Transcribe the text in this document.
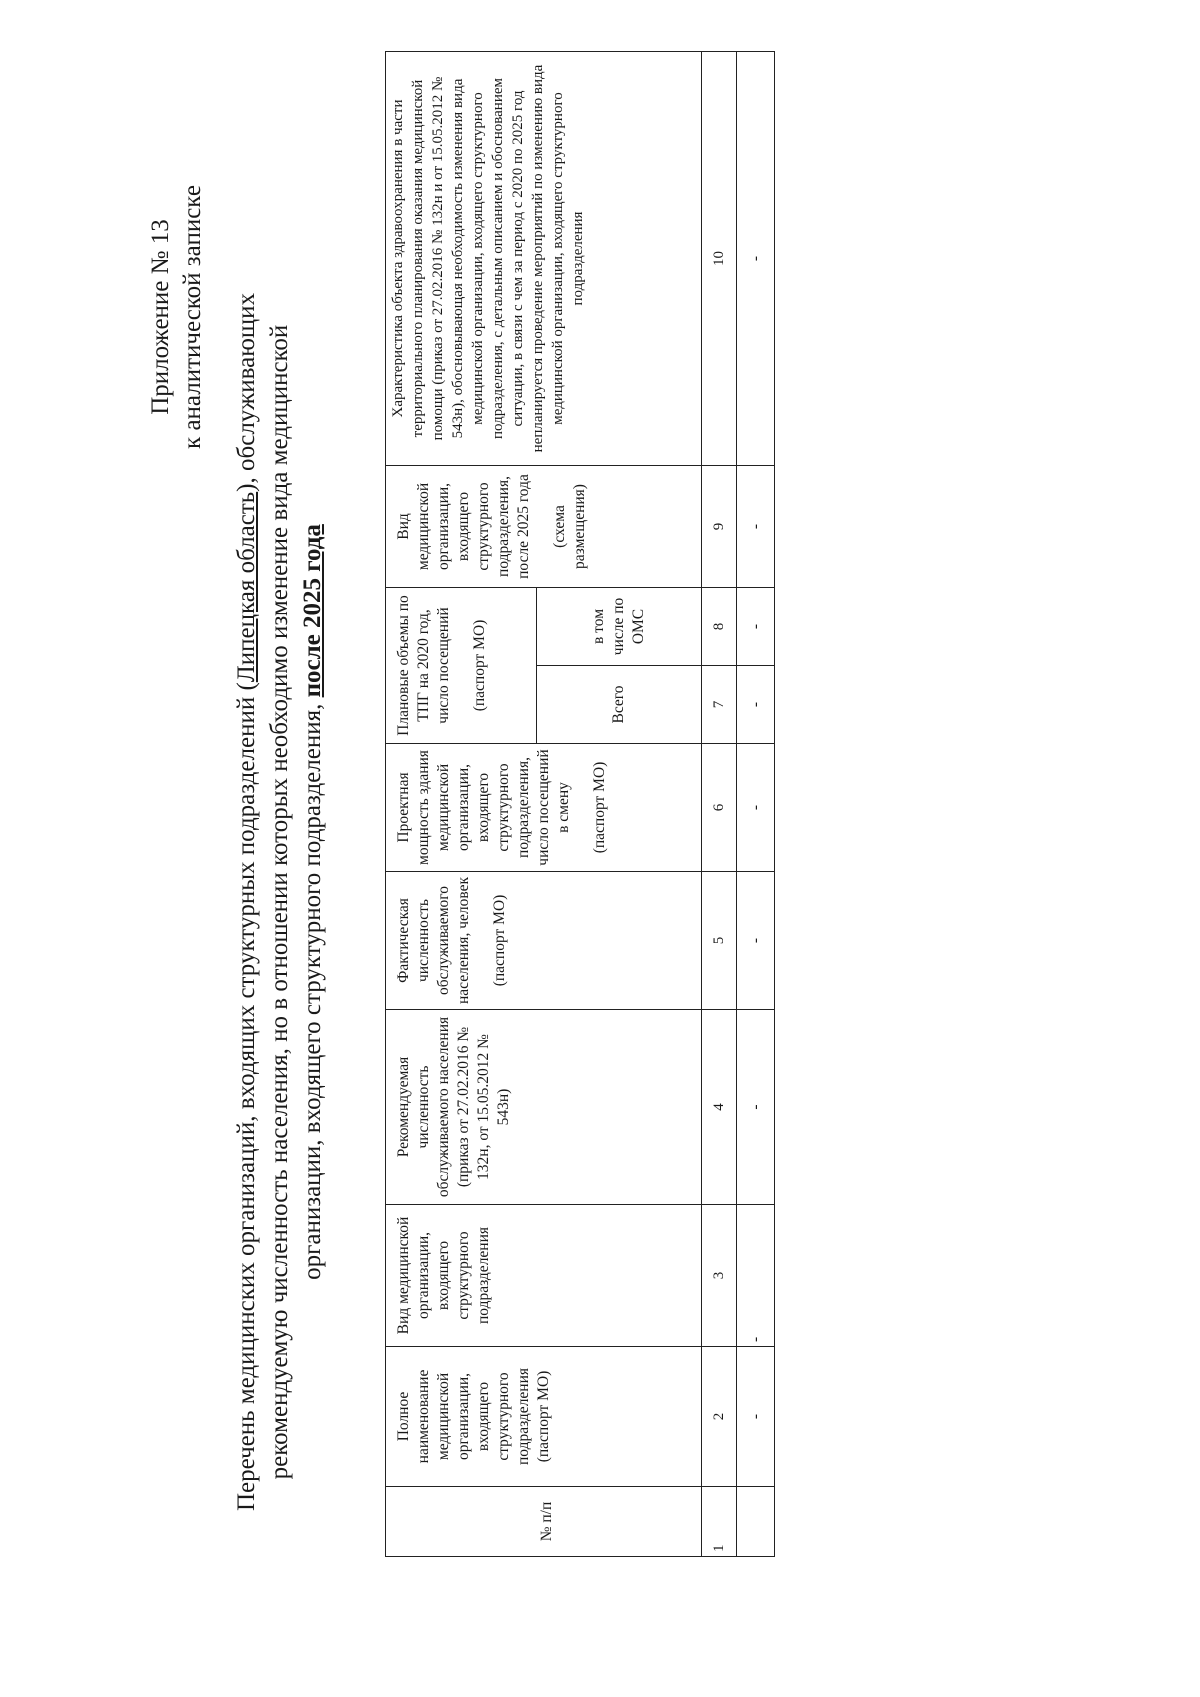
Приложение № 13 к аналитической записке
Перечень медицинских организаций, входящих структурных подразделений (Липецкая область), обслуживающих рекомендуемую численность населения, но в отношении которых необходимо изменение вида медицинской организации, входящего структурного подразделения, после 2025 года
№ п/п	Полное наименование медицинской организации, входящего структурного подразделения (паспорт МО)	Вид медицинской организации, входящего структурного подразделения	Рекомендуемая численность обслуживаемого населения (приказ от 27.02.2016 № 132н, от 15.05.2012 № 543н)	Фактическая численность обслуживаемого населения, человек (паспорт МО)	Проектная мощность здания медицинской организации, входящего структурного подразделения, число посещений в смену (паспорт МО)	Плановые объемы по ТПГ на 2020 год, число посещений (паспорт МО)		Вид медицинской организации, входящего структурного подразделения, после 2025 года (схема размещения)	Характеристика объекта здравоохранения в части территориального планирования оказания медицинской помощи (приказ от 27.02.2016 № 132н и от 15.05.2012 № 543н), обосновывающая необходимость изменения вида медицинской организации, входящего структурного подразделения, с детальным описанием и обоснованием ситуации, в связи с чем за период с 2020 по 2025 год непланируется проведение мероприятий по изменению вида медицинской организации, входящего структурного подразделения
						Всего	в том числе по ОМС		
1	2	3	4	5	6	7	8	9	10
	-	-	-	-	-	-	-	-	-
